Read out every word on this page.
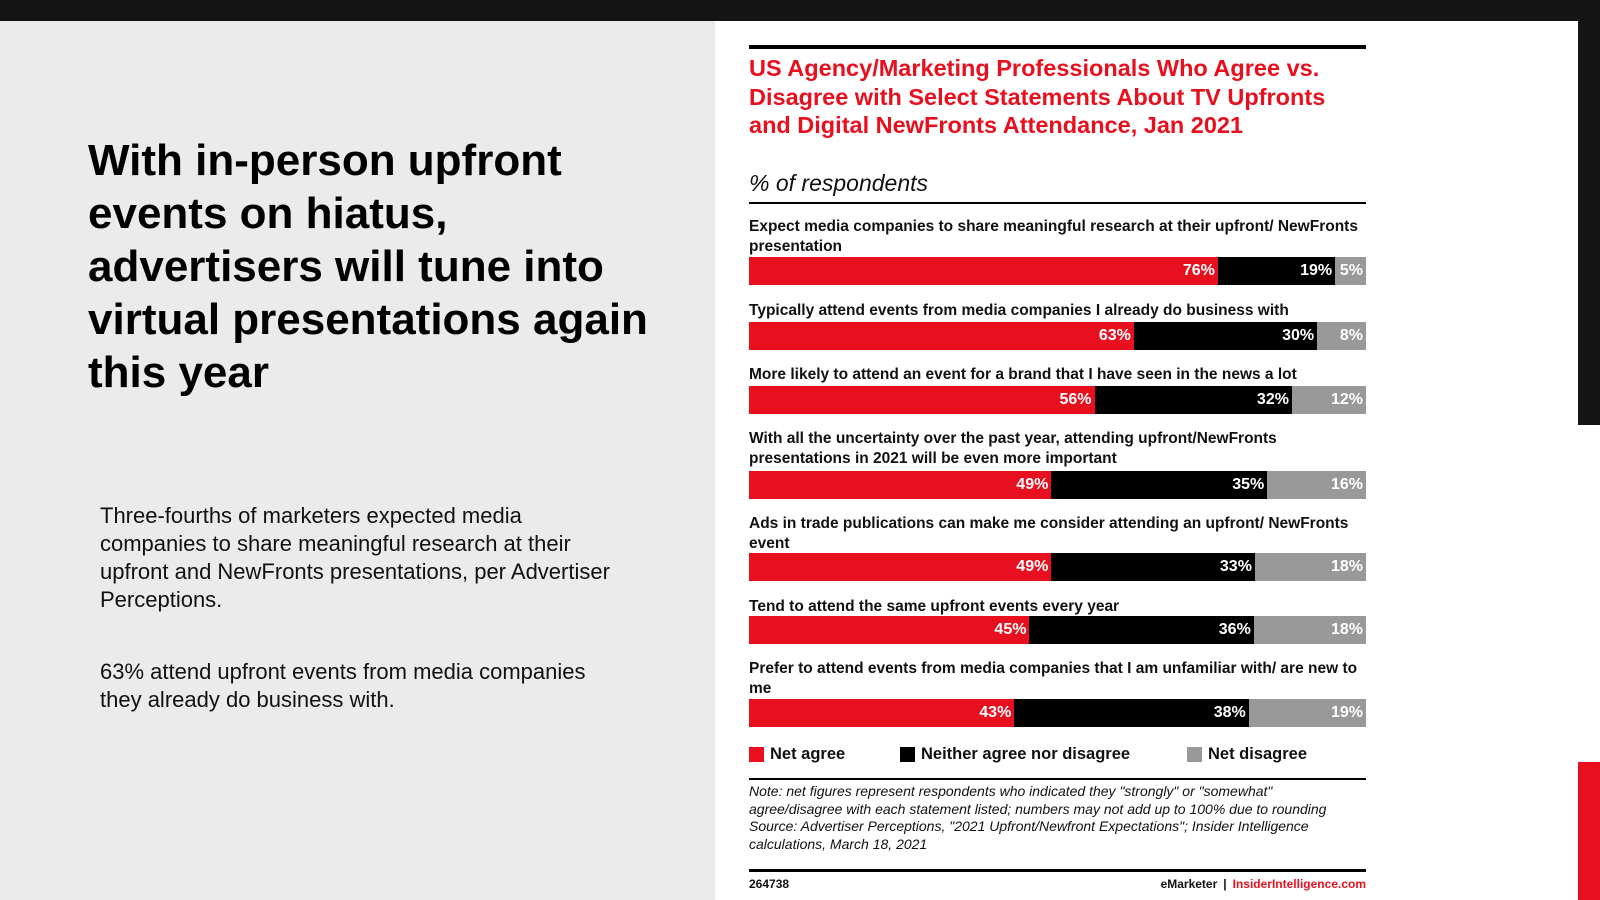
With in-person upfront events on hiatus, advertisers will tune into virtual presentations again this year

Three-fourths of marketers expected media companies to share meaningful research at their upfront and NewFronts presentations, per Advertiser Perceptions.

63% attend upfront events from media companies they already do business with.

US Agency/Marketing Professionals Who Agree vs. Disagree with Select Statements About TV Upfronts and Digital NewFronts Attendance, Jan 2021
% of respondents
Expect media companies to share meaningful research at their upfront/ NewFronts presentation
76%	19% 5%
Typically attend events from media companies I already do business with
63%	30% 8%
More likely to attend an event for a brand that I have seen in the news a lot
56%	32%	12%
With all the uncertainty over the past year, attending upfront/NewFronts presentations in 2021 will be even more important
49%	35%	16%
Ads in trade publications can make me consider attending an upfront/ NewFronts event
49%	33%	18%
Tend to attend the same upfront events every year
45%	36%	18%
Prefer to attend events from media companies that I am unfamiliar with/ are new to me
43%	38%	19%
Net agree	Neither agree nor disagree	Net disagree
Note: net figures represent respondents who indicated they "strongly" or "somewhat" agree/disagree with each statement listed; numbers may not add up to 100% due to rounding
Source: Advertiser Perceptions, "2021 Upfront/Newfront Expectations"; Insider Intelligence calculations, March 18, 2021
264738	eMarketer | InsiderIntelligence.com
